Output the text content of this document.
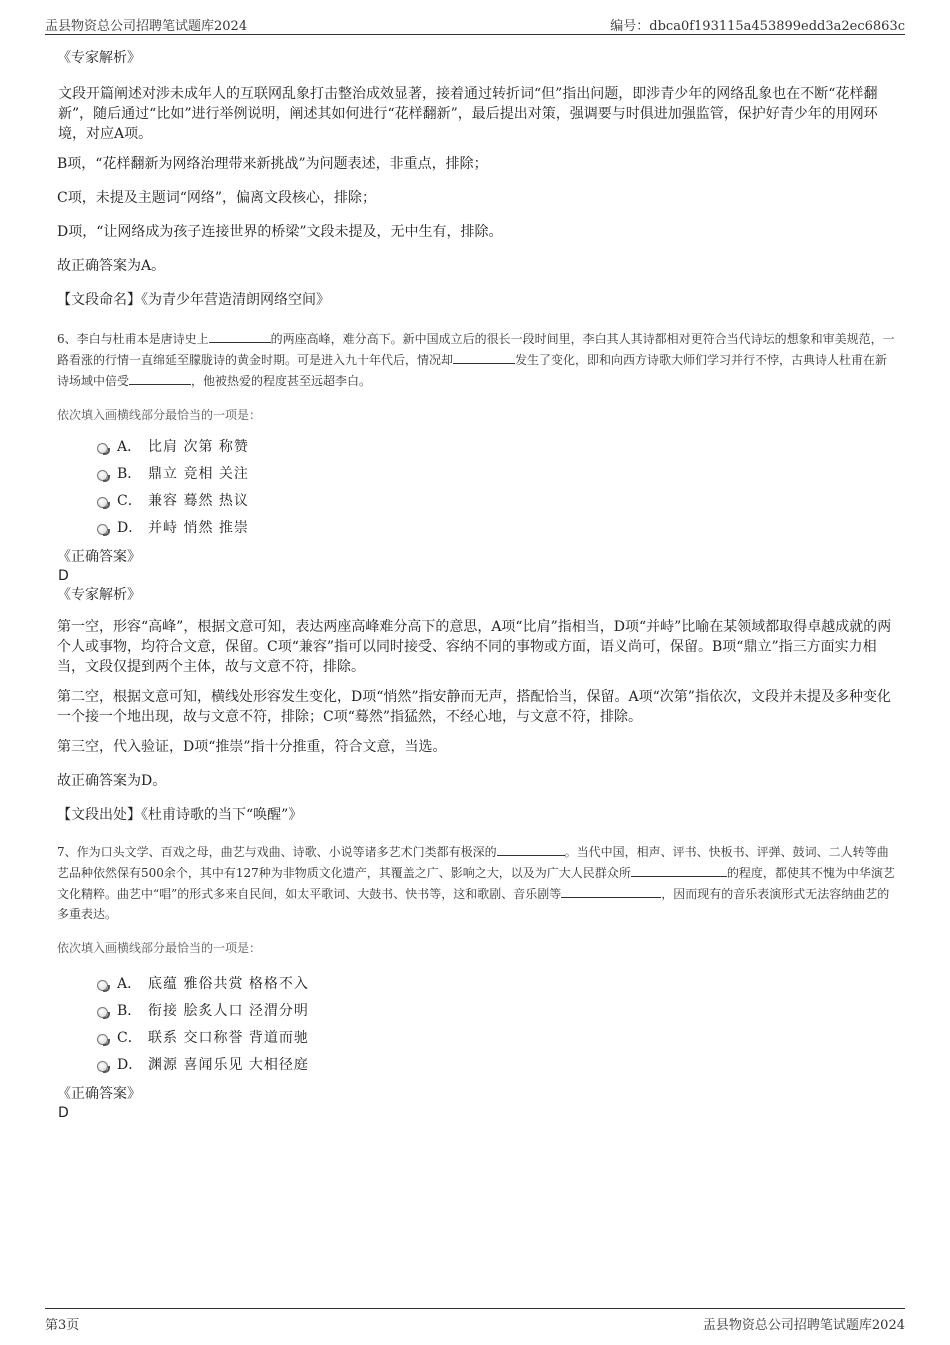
盂县物资总公司招聘笔试题库2024	编号：dbca0f193115a453899edd3a2ec6863c

《专家解析》

文段开篇阐述对涉未成年人的互联网乱象打击整治成效显著，接着通过转折词“但”指出问题，即涉青少年的网络乱象也在不断“花样翻新”，随后通过“比如”进行举例说明，阐述其如何进行“花样翻新”，最后提出对策，强调要与时俱进加强监管，保护好青少年的用网环境，对应A项。

B项，“花样翻新为网络治理带来新挑战”为问题表述，非重点，排除；

C项，未提及主题词“网络”，偏离文段核心，排除；

D项，“让网络成为孩子连接世界的桥梁”文段未提及，无中生有，排除。

故正确答案为A。

【文段命名】《为青少年营造清朗网络空间》

6、李白与杜甫本是唐诗史上	的两座高峰，难分高下。新中国成立后的很长一段时间里，李白其人其诗都相对更符合当代诗坛的想象和审美规范，一路看涨的行情一直绵延至朦胧诗的黄金时期。可是进入九十年代后，情况却	发生了变化，即和向西方诗歌大师们学习并行不悖，古典诗人杜甫在新诗场域中倍受	，他被热爱的程度甚至远超李白。

依次填入画横线部分最恰当的一项是：

A． 比肩 次第 称赞
B． 鼎立 竞相 关注
C． 兼容 蓦然 热议
D． 并峙 悄然 推崇

《正确答案》

D

《专家解析》

第一空，形容“高峰”，根据文意可知，表达两座高峰难分高下的意思，A项“比肩”指相当，D项“并峙”比喻在某领域都取得卓越成就的两个人或事物，均符合文意，保留。C项“兼容”指可以同时接受、容纳不同的事物或方面，语义尚可，保留。B项“鼎立”指三方面实力相当，文段仅提到两个主体，故与文意不符，排除。

第二空，根据文意可知，横线处形容发生变化，D项“悄然”指安静而无声，搭配恰当，保留。A项“次第”指依次，文段并未提及多种变化一个接一个地出现，故与文意不符，排除；C项“蓦然”指猛然，不经心地，与文意不符，排除。

第三空，代入验证，D项“推崇”指十分推重，符合文意，当选。

故正确答案为D。

【文段出处】《杜甫诗歌的当下“唤醒”》

7、作为口头文学、百戏之母，曲艺与戏曲、诗歌、小说等诸多艺术门类都有极深的	。当代中国，相声、评书、快板书、评弹、鼓词、二人转等曲艺品种依然保有500余个，其中有127种为非物质文化遗产，其覆盖之广、影响之大，以及为广大人民群众所	的程度，都使其不愧为中华演艺文化精粹。曲艺中“唱”的形式多来自民间，如太平歌词、大鼓书、快书等，这和歌剧、音乐剧等	，因而现有的音乐表演形式无法容纳曲艺的多重表达。

依次填入画横线部分最恰当的一项是：

A． 底蕴 雅俗共赏 格格不入
B． 衔接 脍炙人口 泾渭分明
C． 联系 交口称誉 背道而驰
D． 渊源 喜闻乐见 大相径庭

《正确答案》

D

第3页	盂县物资总公司招聘笔试题库2024
